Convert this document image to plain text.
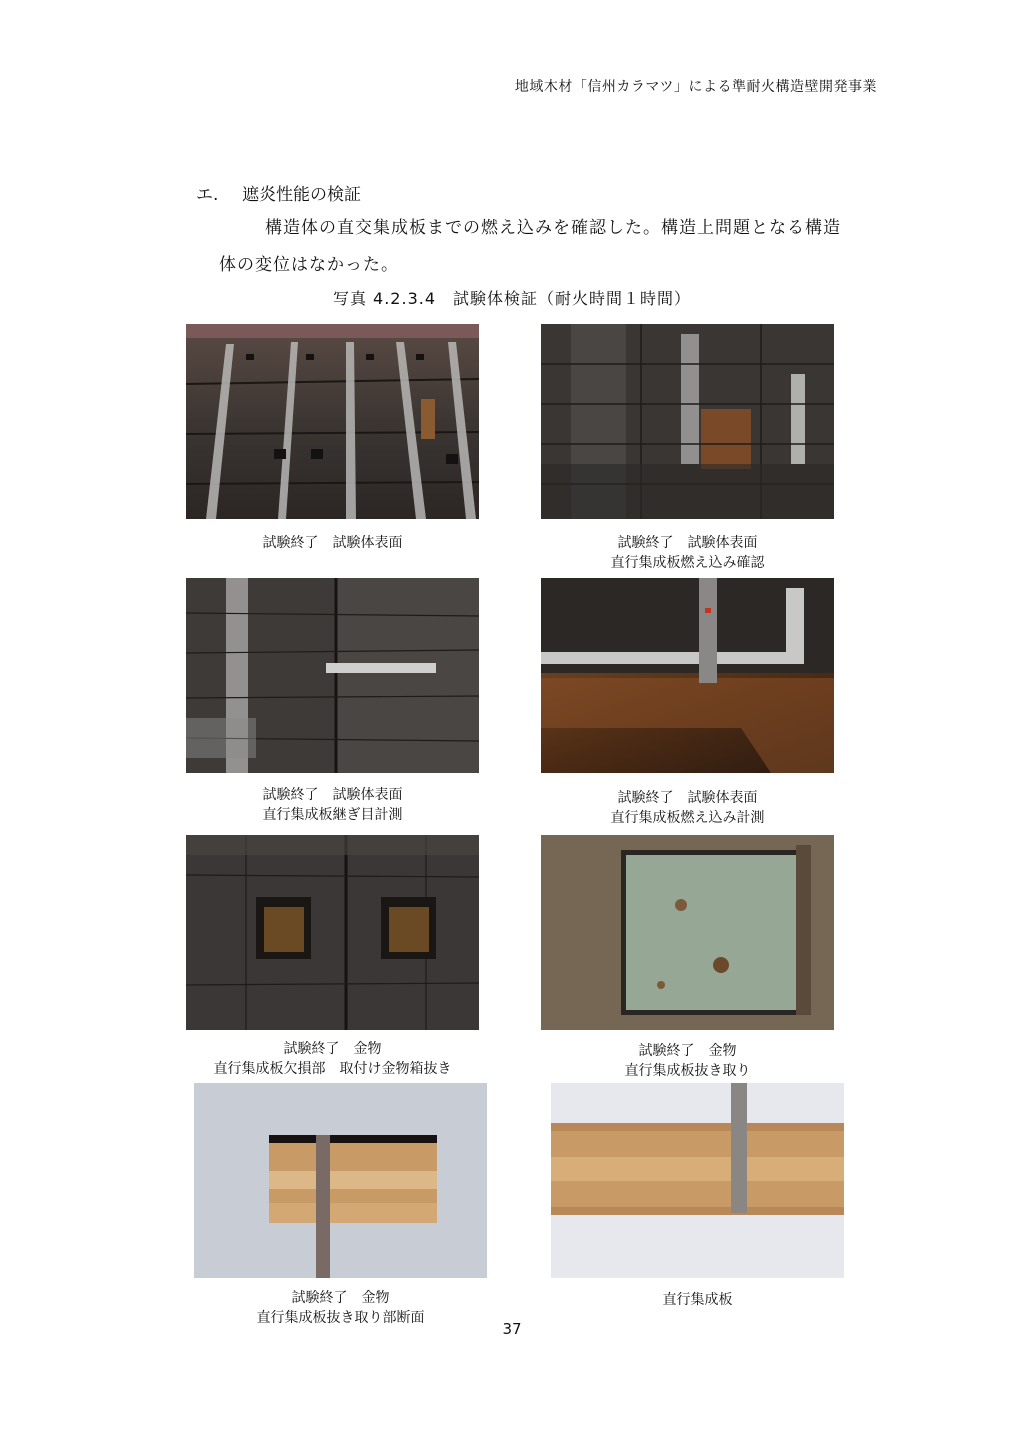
地域木材「信州カラマツ」による準耐火構造壁開発事業
エ. 遮炎性能の検証
構造体の直交集成板までの燃え込みを確認した。構造上問題となる構造
体の変位はなかった。
写真 4.2.3.4　試験体検証（耐火時間１時間）
試験終了　試験体表面	試験終了　試験体表面
直行集成板燃え込み確認
試験終了　試験体表面
直行集成板継ぎ目計測
試験終了　試験体表面
直行集成板燃え込み計測
試験終了　金物
直行集成板欠損部　取付け金物箱抜き
試験終了　金物
直行集成板抜き取り
試験終了　金物
直行集成板抜き取り部断面
直行集成板
37
